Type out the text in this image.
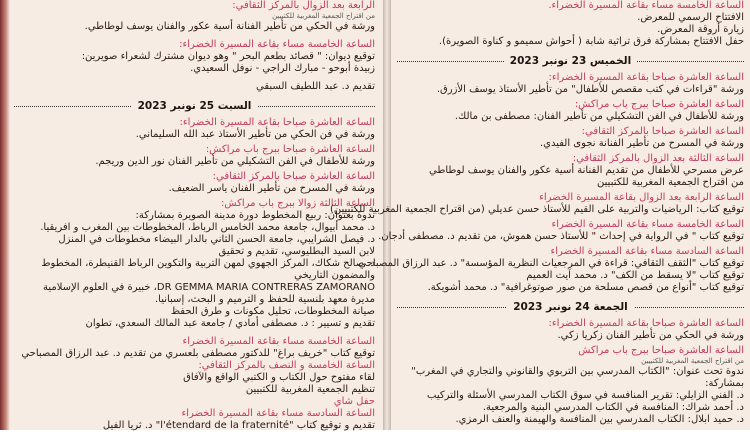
الرابعة بعد الزوال بالمركز الثقافي:
من اقتراح الجمعية المغربية للكتبيين
ورشة في الحكي من تأطير الفنانة أسية عكور والفنان يوسف لوطاطي.
الساعة الخامسة مساء بقاعة المسيرة الخضراء:
توقيع ديوان: " قصائد بطعم البحر " وهو ديوان مشترك لشعراء صويرين:
زبيدة أبوحو - مبارك الراجي - نوفل السعيدي.
تقديم د. عبد اللطيف السبقي
السبت 25 نونبر 2023
الساعة العاشرة صباحا بقاعة المسيرة الخضراء:
ورشة في فن الحكي من تأطير الأستاذ عبد الله السليماني.
الساعة العاشرة صباحا ببرج باب مراكش:
ورشة للأطفال في الفن التشكيلي من تأطير الفنان نور الدين وريجم.
الساعة العاشرة صباحا بالمركز الثقافي:
ورشة في المسرح من تأطير الفنان ياسر الضعيف.
الساعة الثالثة زوالا ببرج باب مراكش:
ندوة بعنوان: ربيع المخطوط دورة مدينة الصويرة بمشاركة:
د. محمد أبيوال، جامعة محمد الخامس الرباط، المخطوطات بين المغرب و افريقيا.
د. فيصل الشرايبي، جامعة الحسن الثاني بالدار البيضاء مخطوطات في المنزل
لابن السيد البطليوسي، تقديم و تحقيق
د. صالح شكاك، المركز الجهوي لمهن التربية والتكوين الرباط القنيطرة، المخطوط
والمضمون التاريخي
DR GEMMA MARIA CONTRERAS ZAMORANO، خبيرة في العلوم الإسلامية
مديرة معهد بلنسية للحفظ و الترميم و البحث، إسبانيا.
صيانة المخطوطات، تحليل مكونات و طرق الحفظ
تقديم و تسيير : د. مصطفى أمادي / جامعة عبد المالك السعدي، تطوان
الساعة الخامسة مساء بقاعة المسيرة الخضراء
توقيع كتاب "خريف براغ" للدكتور مصطفى بلعسري من تقديم د. عبد الرزاق المصباحي
الساعة الخامسة و النصف بالمركز الثقافي:
لقاء مفتوح حول الكتاب و الكتبي الواقع والآفاق
تنظيم الجمعية المغربية للكتبيين
حفل شاي
الساعة السادسة مساء بقاعة المسيرة الخضراء
تقديم و توقيع كتاب "l'étendard de la fraternité" د. ثريا الفيل
الساعة الخامسة مساء بقاعة المسيرة الخضراء.
الافتتاح الرسمي للمعرض.
زيارة أروقة المعرض.
حفل الافتتاح بمشاركة فرق تراثية شابة ( أحواش سميمو و كناوة الصويرة).
الخميس 23 نونبر 2023
الساعة العاشرة صباحا بقاعة المسيرة الخضراء:
ورشة "قراءات في كتب مقصص للأطفال" من تأطير الأستاذ يوسف الأزرق.
الساعة العاشرة صباحا ببرج باب مراكش:
ورشة للأطفال في الفن التشكيلي من تأطير الفنان: مصطفى بن مالك.
الساعة العاشرة صباحا بالمركز الثقافي:
ورشة في المسرح من تأطير الفنانة نجوى الفيدي.
الساعة الثالثة بعد الزوال بالمركز الثقافي:
عرض مسرحي للأطفال من تقديم الفنانة أسية عكور والفنان يوسف لوطاطي
من اقتراح الجمعية المغربية للكتبيين
الساعة الرابعة بعد الزوال بقاعة المسيرة الخضراء
توقيع كتاب: الرياضيات والتربية على القيم للأستاذ حسن عديلي (من اقتراح الجمعية المغربية للكتبيين)
الساعة الخامسة مساء بقاعة المسيرة الخضراء
توقيع كتاب " في الرواية في إحداث " للأستاذ حسن هموش، من تقديم د. مصطفى أدجان.
الساعة السادسة مساء بقاعة المسيرة الخضراء
توقيع كتاب "الثقف الثقافي: قراءة في المرجعيات النظرية المؤسسة" د. عبد الرزاق المصباحي
توقيع كتاب "لا يسقط من الكف" د. محمد آيت العميم
توقيع كتاب "أنواع من قصص مسلحة من صور صوتوغرافية" د. محمد أشويكة.
الجمعة 24 نونبر 2023
الساعة العاشرة صباحا بقاعة المسيرة الخضراء:
ورشة في الحكي من تأطير الفنان زكريا زكي.
الساعة العاشرة صباحا ببرج باب مراكش
من اقتراح الجمعية المغربية للكتبيين
ندوة تحت عنوان: "الكتاب المدرسي بين التربوي والقانوني والتجاري في المغرب"
بمشاركة:
د. الفني الزايلي: تقرير المنافسة في سوق الكتاب المدرسي الأسئلة والتركيب
د. أحمد شراك: المنافسة في الكتاب المدرسي البنية والمرجعية.
د. حميد ابلال: الكتاب المدرسي بين المنافسة والهيمنة والعنف الرمزي.
